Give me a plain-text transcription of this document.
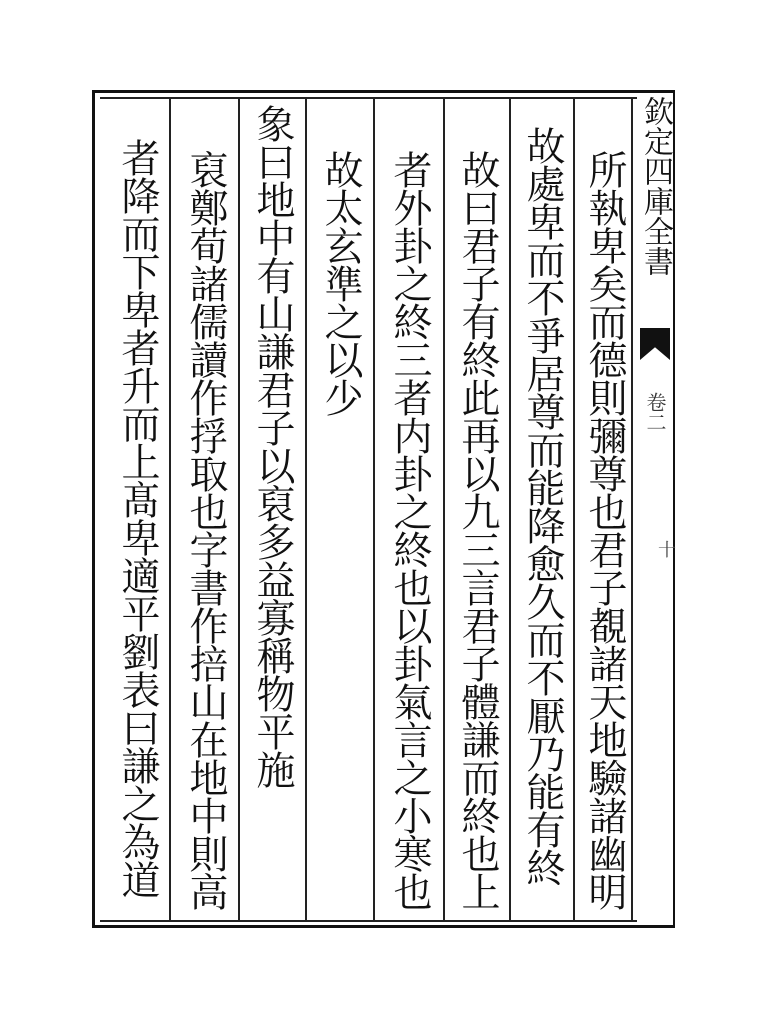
欽定四庫全書
卷二
十
所執卑矣而德則彌尊也君子覩諸天地驗諸幽明
故處卑而不爭居尊而能降愈久而不厭乃能有終
故曰君子有終此再以九三言君子體謙而終也上
者外卦之終三者内卦之終也以卦氣言之小寒也
故太玄準之以少
象曰地中有山謙君子以裒多益寡稱物平施
裒鄭荀諸儒讀作捊取也字書作掊山在地中則高
者降而下卑者升而上髙卑適平劉表曰謙之為道
